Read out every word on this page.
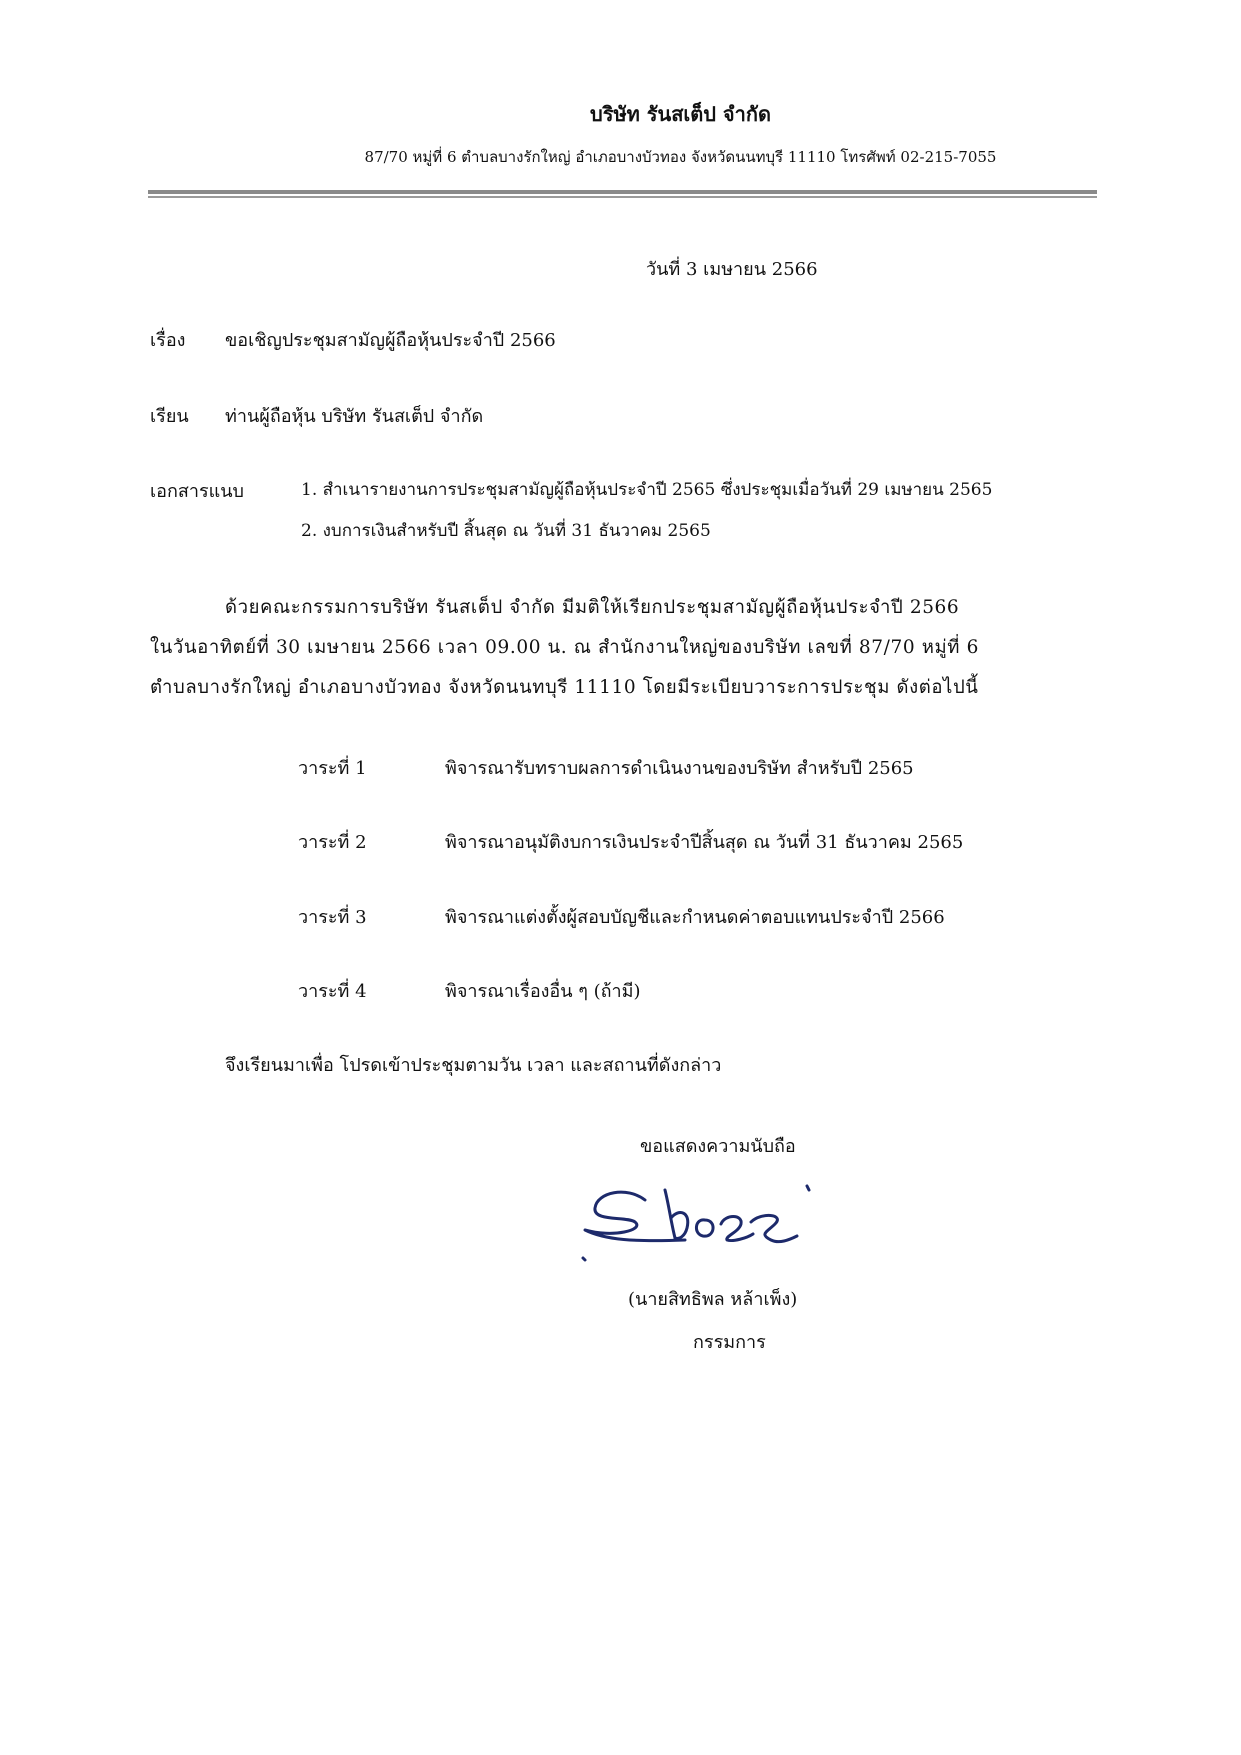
บริษัท รันสเต็ป จำกัด
87/70 หมู่ที่ 6 ตำบลบางรักใหญ่ อำเภอบางบัวทอง จังหวัดนนทบุรี 11110 โทรศัพท์ 02-215-7055
วันที่ 3 เมษายน 2566
เรื่อง ขอเชิญประชุมสามัญผู้ถือหุ้นประจำปี 2566
เรียน ท่านผู้ถือหุ้น บริษัท รันสเต็ป จำกัด
เอกสารแนบ	1. สำเนารายงานการประชุมสามัญผู้ถือหุ้นประจำปี 2565 ซึ่งประชุมเมื่อวันที่ 29 เมษายน 2565
2. งบการเงินสำหรับปี สิ้นสุด ณ วันที่ 31 ธันวาคม 2565
ด้วยคณะกรรมการบริษัท รันสเต็ป จำกัด มีมติให้เรียกประชุมสามัญผู้ถือหุ้นประจำปี 2566
ในวันอาทิตย์ที่ 30 เมษายน 2566 เวลา 09.00 น. ณ สำนักงานใหญ่ของบริษัท เลขที่ 87/70 หมู่ที่ 6
ตำบลบางรักใหญ่ อำเภอบางบัวทอง จังหวัดนนทบุรี 11110 โดยมีระเบียบวาระการประชุม ดังต่อไปนี้
วาระที่ 1	พิจารณารับทราบผลการดำเนินงานของบริษัท สำหรับปี 2565
วาระที่ 2	พิจารณาอนุมัติงบการเงินประจำปีสิ้นสุด ณ วันที่ 31 ธันวาคม 2565
วาระที่ 3	พิจารณาแต่งตั้งผู้สอบบัญชีและกำหนดค่าตอบแทนประจำปี 2566
วาระที่ 4	พิจารณาเรื่องอื่น ๆ (ถ้ามี)
จึงเรียนมาเพื่อ โปรดเข้าประชุมตามวัน เวลา และสถานที่ดังกล่าว
ขอแสดงความนับถือ
(นายสิทธิพล หล้าเพ็ง)
กรรมการ
